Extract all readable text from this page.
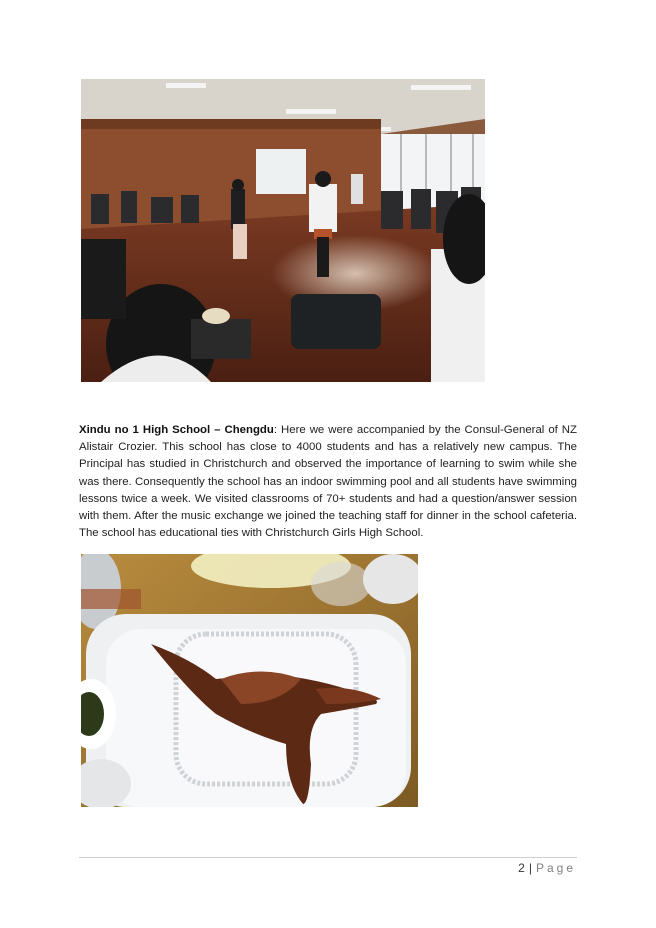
Xindu no 1 High School – Chengdu: Here we were accompanied by the Consul-General of NZ Alistair Crozier. This school has close to 4000 students and has a relatively new campus. The Principal has studied in Christchurch and observed the importance of learning to swim while she was there. Consequently the school has an indoor swimming pool and all students have swimming lessons twice a week. We visited classrooms of 70+ students and had a question/answer session with them. After the music exchange we joined the teaching staff for dinner in the school cafeteria. The school has educational ties with Christchurch Girls High School.

2 | Page
